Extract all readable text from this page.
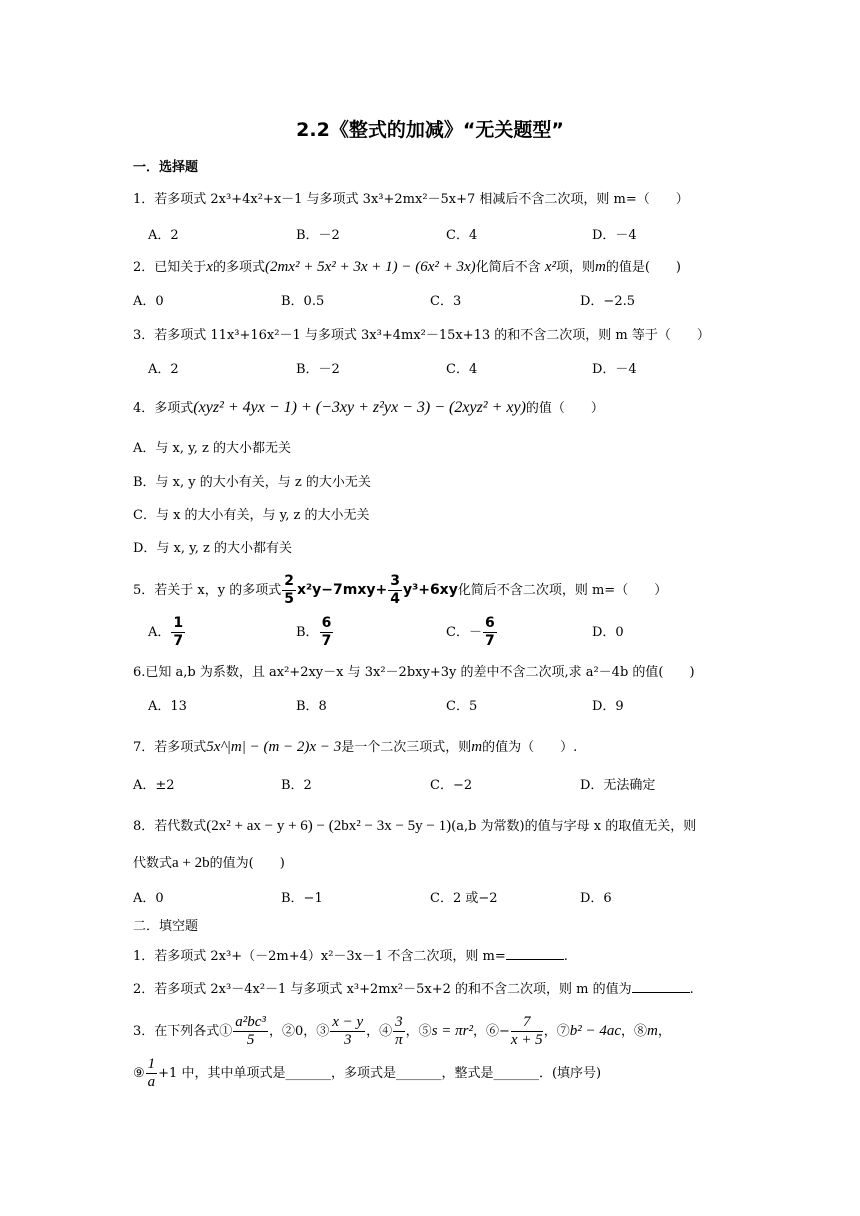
2.2《整式的加减》“无关题型”
一．选择题
1．若多项式 2x³+4x²+x－1 与多项式 3x³+2mx²－5x+7 相减后不含二次项，则 m=（　　）
A．2	B．－2	C．4	D．－4
2．已知关于x的多项式(2mx² + 5x² + 3x + 1) − (6x² + 3x)化简后不含 x²项，则m的值是(　　)
A．0	B．0.5	C．3	D．−2.5
3．若多项式 11x³+16x²－1 与多项式 3x³+4mx²－15x+13 的和不含二次项，则 m 等于（　　）
A．2	B．－2	C．4	D．－4
4．多项式(xyz² + 4yx − 1) + (−3xy + z²yx − 3) − (2xyz² + xy)的值（　　）
A．与 x, y, z 的大小都无关
B．与 x, y 的大小有关，与 z 的大小无关
C．与 x 的大小有关，与 y, z 的大小无关
D．与 x, y, z 的大小都有关
5．若关于 x，y 的多项式 $\frac{2}{5} x^2y-7mxy+ \frac{3}{4} y^3+6xy$化简后不含二次项，则 m=（　　）
A． $\frac{1}{7}$	B． $\frac{6}{7}$	C．－ $\frac{6}{7}$	D．0
6.已知 a,b 为系数，且 ax²+2xy－x 与 3x²－2bxy+3y 的差中不含二次项,求 a²－4b 的值(　　)
A．13	B．8	C．5	D．9
7．若多项式5x^|m| − (m − 2)x − 3是一个二次三项式，则m的值为（　　）.
A．±2	B．2	C．−2	D．无法确定
8．若代数式(2x² + ax − y + 6) − (2bx² − 3x − 5y − 1)(a,b 为常数)的值与字母 x 的取值无关，则
代数式a + 2b的值为(　　)
A．0	B．−1	C．2 或−2	D．6
二．填空题
1．若多项式 2x³+（－2m+4）x²－3x－1 不含二次项，则 m=	.
2．若多项式 2x³－4x²－1 与多项式 x³+2mx²－5x+2 的和不含二次项，则 m 的值为	.
3．在下列各式① $\frac{\text{a²bc³}}{5}$ ，②0，③ $\frac{x - y}{3}$ ，④ $\frac{3}{\pi}$ ，⑤s = πr²，⑥− $\frac{7}{x + 5}$ ，⑦b² − 4ac，⑧m，
⑨ $\frac{1}{a} +1$ 中，其中单项式是_______，多项式是_______，整式是_______．(填序号)
